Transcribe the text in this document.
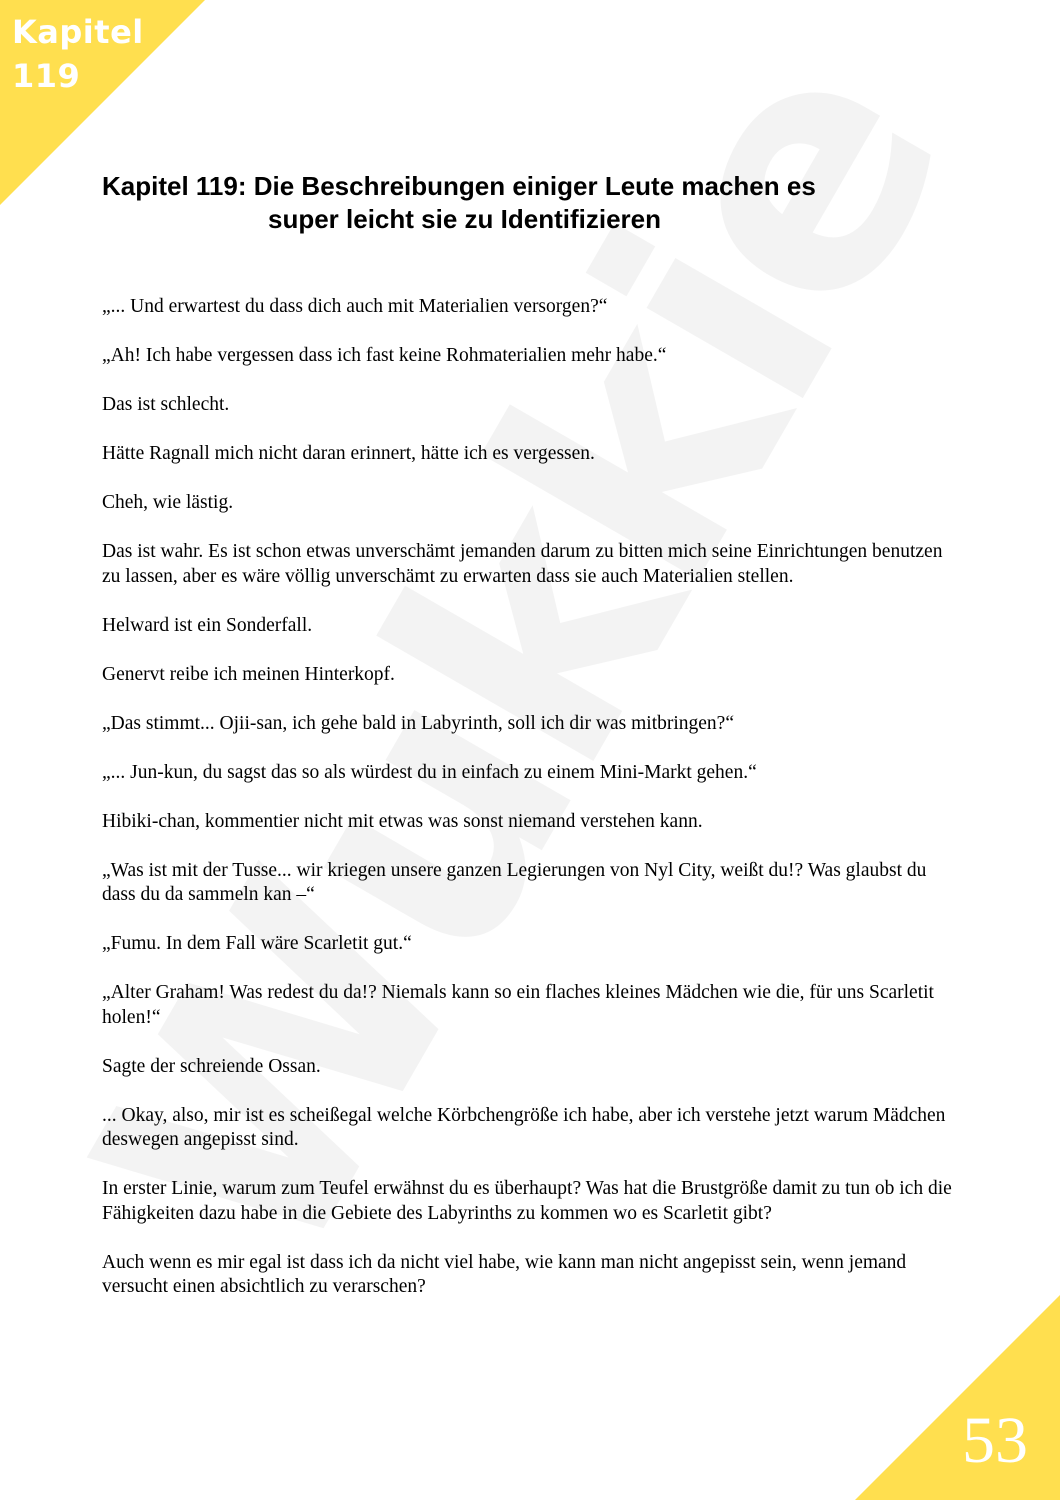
Kapitel
119
Kapitel 119: Die Beschreibungen einiger Leute machen es
super leicht sie zu Identifizieren

„... Und erwartest du dass dich auch mit Materialien versorgen?“

„Ah! Ich habe vergessen dass ich fast keine Rohmaterialien mehr habe.“

Das ist schlecht.

Hätte Ragnall mich nicht daran erinnert, hätte ich es vergessen.

Cheh, wie lästig.

Das ist wahr. Es ist schon etwas unverschämt jemanden darum zu bitten mich seine Einrichtungen benutzen zu lassen, aber es wäre völlig unverschämt zu erwarten dass sie auch Materialien stellen.

Helward ist ein Sonderfall.

Genervt reibe ich meinen Hinterkopf.

„Das stimmt... Ojii-san, ich gehe bald in Labyrinth, soll ich dir was mitbringen?“

„... Jun-kun, du sagst das so als würdest du in einfach zu einem Mini-Markt gehen.“

Hibiki-chan, kommentier nicht mit etwas was sonst niemand verstehen kann.

„Was ist mit der Tusse... wir kriegen unsere ganzen Legierungen von Nyl City, weißt du!? Was glaubst du dass du da sammeln kan –“

„Fumu. In dem Fall wäre Scarletit gut.“

„Alter Graham! Was redest du da!? Niemals kann so ein flaches kleines Mädchen wie die, für uns Scarletit holen!“

Sagte der schreiende Ossan.

... Okay, also, mir ist es scheißegal welche Körbchengröße ich habe, aber ich verstehe jetzt warum Mädchen deswegen angepisst sind.

In erster Linie, warum zum Teufel erwähnst du es überhaupt? Was hat die Brustgröße damit zu tun ob ich die Fähigkeiten dazu habe in die Gebiete des Labyrinths zu kommen wo es Scarletit gibt?

Auch wenn es mir egal ist dass ich da nicht viel habe, wie kann man nicht angepisst sein, wenn jemand versucht einen absichtlich zu verarschen?

53
